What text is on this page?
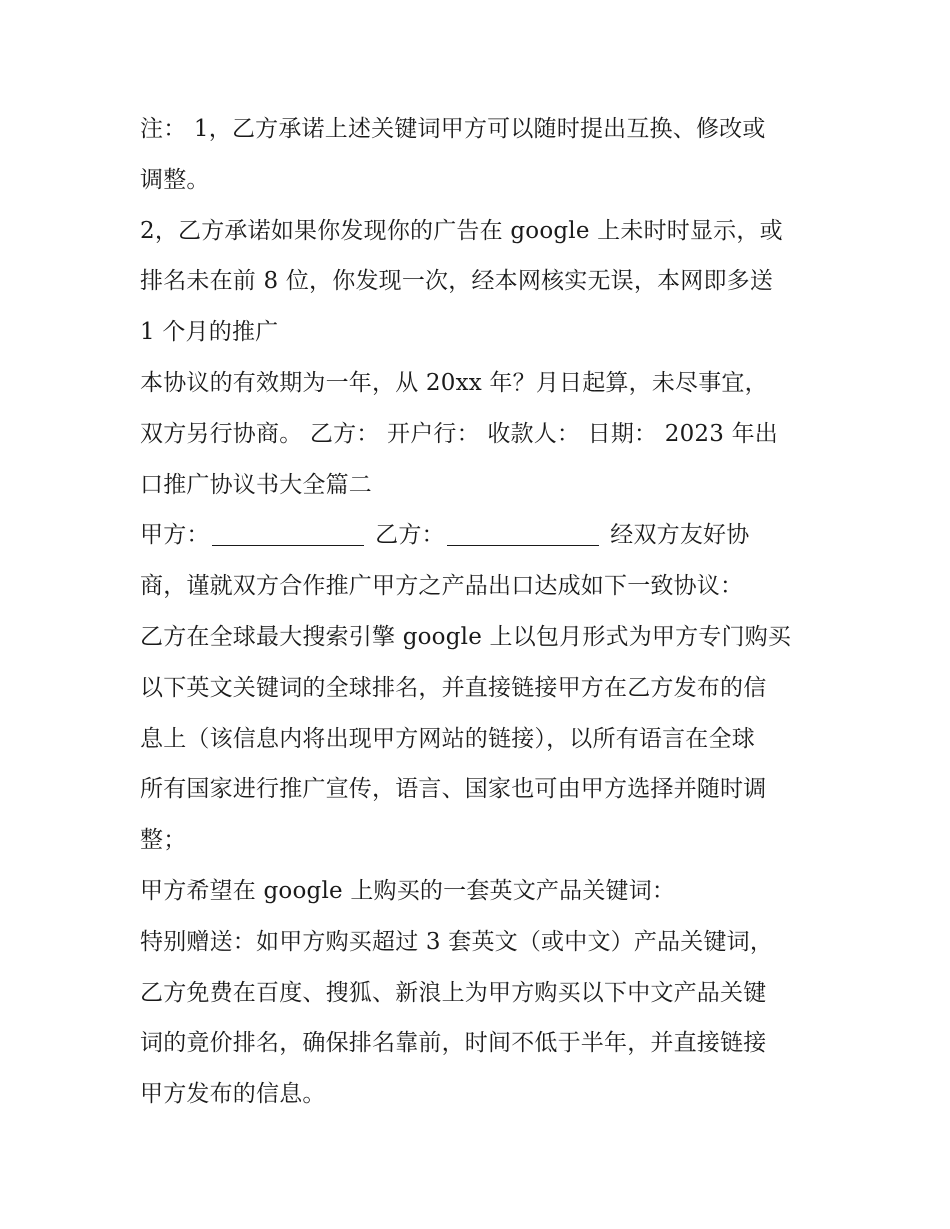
注： 1，乙方承诺上述关键词甲方可以随时提出互换、修改或
调整。
2，乙方承诺如果你发现你的广告在 google 上未时时显示，或
排名未在前 8 位，你发现一次，经本网核实无误，本网即多送
1 个月的推广
本协议的有效期为一年，从 20xx 年？月日起算，未尽事宜，
双方另行协商。 乙方： 开户行： 收款人： 日期： 2023 年出
口推广协议书大全篇二
甲方：	乙方：	经双方友好协
商，谨就双方合作推广甲方之产品出口达成如下一致协议：
乙方在全球最大搜索引擎 google 上以包月形式为甲方专门购买
以下英文关键词的全球排名，并直接链接甲方在乙方发布的信
息上（该信息内将出现甲方网站的链接），以所有语言在全球
所有国家进行推广宣传，语言、国家也可由甲方选择并随时调
整；
甲方希望在 google 上购买的一套英文产品关键词：
特别赠送：如甲方购买超过 3 套英文（或中文）产品关键词，
乙方免费在百度、搜狐、新浪上为甲方购买以下中文产品关键
词的竟价排名，确保排名靠前，时间不低于半年，并直接链接
甲方发布的信息。
